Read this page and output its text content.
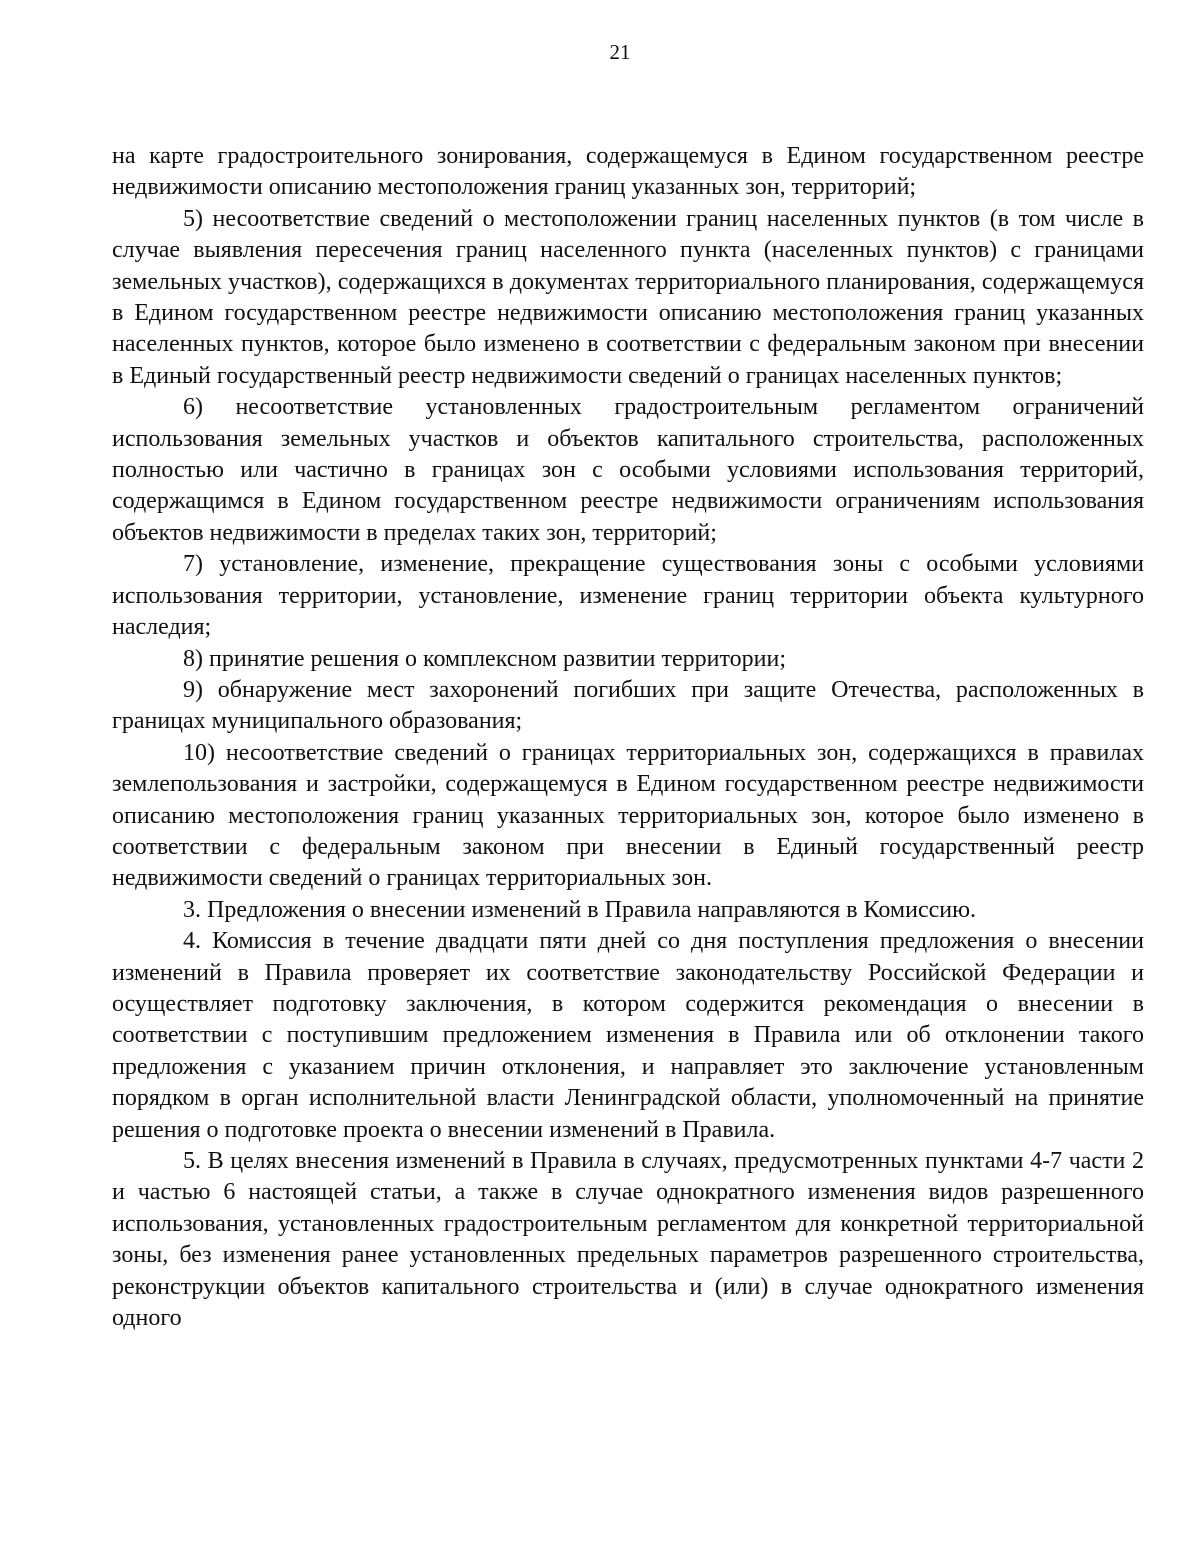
21

на карте градостроительного зонирования, содержащемуся в Едином государственном реестре недвижимости описанию местоположения границ указанных зон, территорий;

5) несоответствие сведений о местоположении границ населенных пунктов (в том числе в случае выявления пересечения границ населенного пункта (населенных пунктов) с границами земельных участков), содержащихся в документах территориального планирования, содержащемуся в Едином государственном реестре недвижимости описанию местоположения границ указанных населенных пунктов, которое было изменено в соответствии с федеральным законом при внесении в Единый государственный реестр недвижимости сведений о границах населенных пунктов;

6) несоответствие установленных градостроительным регламентом ограничений использования земельных участков и объектов капитального строительства, расположенных полностью или частично в границах зон с особыми условиями использования территорий, содержащимся в Едином государственном реестре недвижимости ограничениям использования объектов недвижимости в пределах таких зон, территорий;

7) установление, изменение, прекращение существования зоны с особыми условиями использования территории, установление, изменение границ территории объекта культурного наследия;

8) принятие решения о комплексном развитии территории;

9) обнаружение мест захоронений погибших при защите Отечества, расположенных в границах муниципального образования;

10) несоответствие сведений о границах территориальных зон, содержащихся в правилах землепользования и застройки, содержащемуся в Едином государственном реестре недвижимости описанию местоположения границ указанных территориальных зон, которое было изменено в соответствии с федеральным законом при внесении в Единый государственный реестр недвижимости сведений о границах территориальных зон.

3. Предложения о внесении изменений в Правила направляются в Комиссию.

4. Комиссия в течение двадцати пяти дней со дня поступления предложения о внесении изменений в Правила проверяет их соответствие законодательству Российской Федерации и осуществляет подготовку заключения, в котором содержится рекомендация о внесении в соответствии с поступившим предложением изменения в Правила или об отклонении такого предложения с указанием причин отклонения, и направляет это заключение установленным порядком в орган исполнительной власти Ленинградской области, уполномоченный на принятие решения о подготовке проекта о внесении изменений в Правила.

5. В целях внесения изменений в Правила в случаях, предусмотренных пунктами 4-7 части 2 и частью 6 настоящей статьи, а также в случае однократного изменения видов разрешенного использования, установленных градостроительным регламентом для конкретной территориальной зоны, без изменения ранее установленных предельных параметров разрешенного строительства, реконструкции объектов капитального строительства и (или) в случае однократного изменения одного
